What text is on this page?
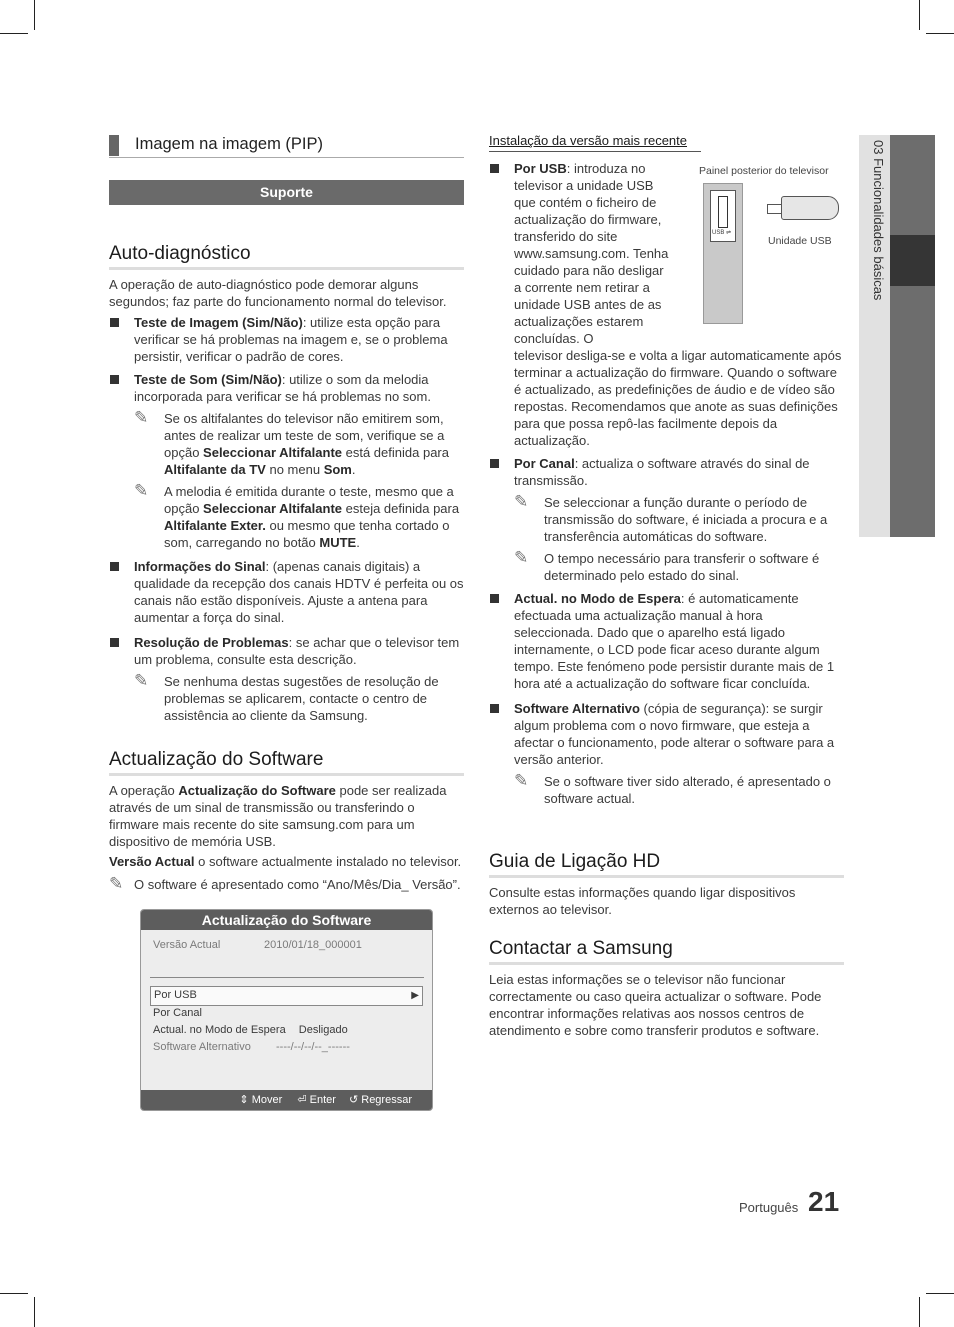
Imagem na imagem (PIP)
Suporte
Auto-diagnóstico

A operação de auto-diagnóstico pode demorar alguns segundos; faz parte do funcionamento normal do televisor.

Teste de Imagem (Sim/Não): utilize esta opção para verificar se há problemas na imagem e, se o problema persistir, verificar o padrão de cores.
Teste de Som (Sim/Não): utilize o som da melodia incorporada para verificar se há problemas no som.
✎ Se os altifalantes do televisor não emitirem som, antes de realizar um teste de som, verifique se a opção Seleccionar Altifalante está definida para Altifalante da TV no menu Som.
✎ A melodia é emitida durante o teste, mesmo que a opção Seleccionar Altifalante esteja definida para Altifalante Exter. ou mesmo que tenha cortado o som, carregando no botão MUTE.
Informações do Sinal: (apenas canais digitais) a qualidade da recepção dos canais HDTV é perfeita ou os canais não estão disponíveis. Ajuste a antena para aumentar a força do sinal.
Resolução de Problemas: se achar que o televisor tem um problema, consulte esta descrição.
✎ Se nenhuma destas sugestões de resolução de problemas se aplicarem, contacte o centro de assistência ao cliente da Samsung.
Actualização do Software

A operação Actualização do Software pode ser realizada através de um sinal de transmissão ou transferindo o firmware mais recente do site samsung.com para um dispositivo de memória USB.

Versão Actual o software actualmente instalado no televisor.

✎ O software é apresentado como “Ano/Mês/Dia_ Versão”.
Actualização do Software
Versão Actual	2010/01/18_000001
Por USB	▶
Por Canal
Actual. no Modo de Espera Desligado
Software Alternativo ----/--/--/--_------
⇕ Mover ⏎ Enter ↺ Regressar
Instalação da versão mais recente
Painel posterior do televisor
USB ⇌
Unidade USB
Por USB: introduza no televisor a unidade USB que contém o ficheiro de actualização do firmware, transferido do site www.samsung.com. Tenha cuidado para não desligar a corrente nem retirar a unidade USB antes de as actualizações estarem concluídas. O
televisor desliga-se e volta a ligar automaticamente após terminar a actualização do firmware. Quando o software é actualizado, as predefinições de áudio e de vídeo são repostas. Recomendamos que anote as suas definições para que possa repô-las facilmente depois da actualização.
Por Canal: actualiza o software através do sinal de transmissão.
✎ Se seleccionar a função durante o período de transmissão do software, é iniciada a procura e a transferência automáticas do software.
✎ O tempo necessário para transferir o software é determinado pelo estado do sinal.
Actual. no Modo de Espera: é automaticamente efectuada uma actualização manual à hora seleccionada. Dado que o aparelho está ligado internamente, o LCD pode ficar aceso durante algum tempo. Este fenómeno pode persistir durante mais de 1 hora até a actualização do software ficar concluída.
Software Alternativo (cópia de segurança): se surgir algum problema com o novo firmware, que esteja a afectar o funcionamento, pode alterar o software para a versão anterior.
✎ Se o software tiver sido alterado, é apresentado o software actual.
Guia de Ligação HD

Consulte estas informações quando ligar dispositivos externos ao televisor.

Contactar a Samsung

Leia estas informações se o televisor não funcionar correctamente ou caso queira actualizar o software. Pode encontrar informações relativas aos nossos centros de atendimento e sobre como transferir produtos e software.

03 Funcionalidades básicas
Português 21
